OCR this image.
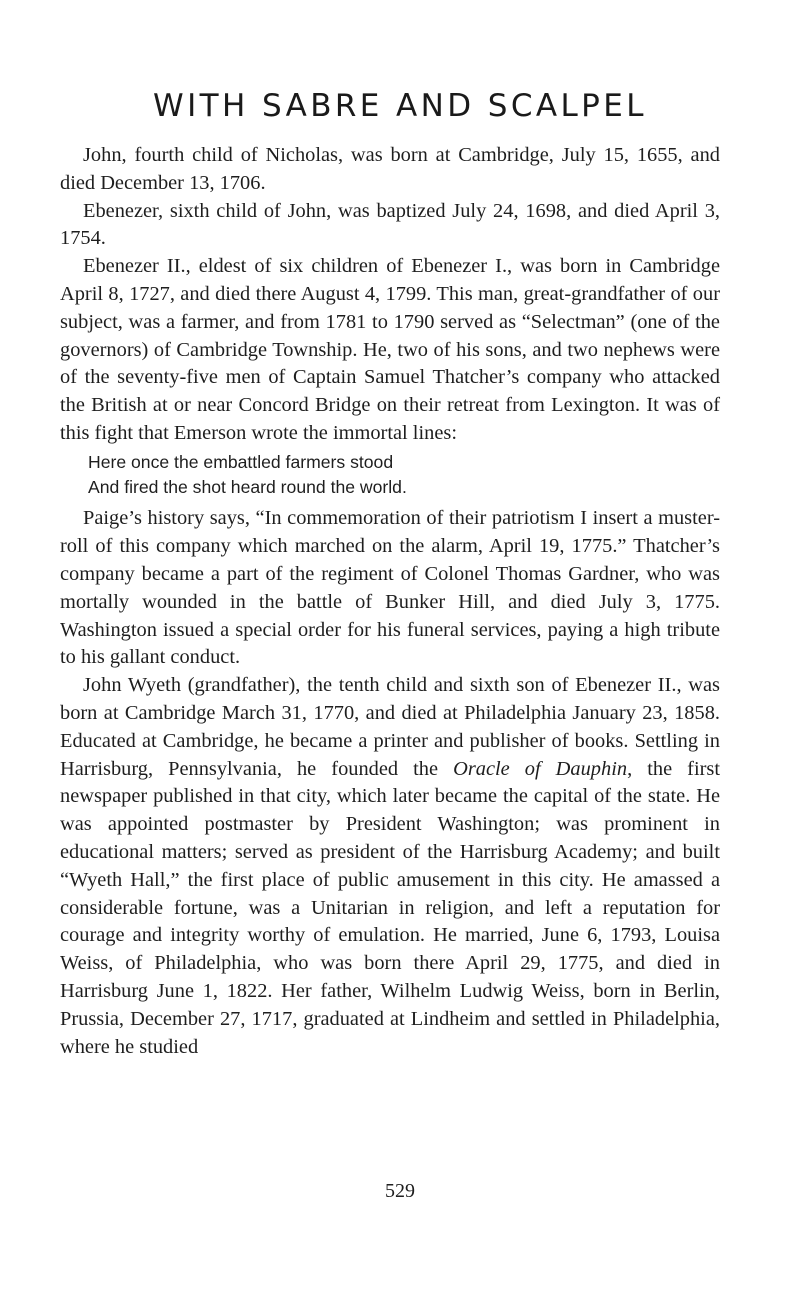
WITH SABRE AND SCALPEL

John, fourth child of Nicholas, was born at Cambridge, July 15, 1655, and died December 13, 1706.

Ebenezer, sixth child of John, was baptized July 24, 1698, and died April 3, 1754.

Ebenezer II., eldest of six children of Ebenezer I., was born in Cambridge April 8, 1727, and died there August 4, 1799. This man, great-grandfather of our subject, was a farmer, and from 1781 to 1790 served as “Selectman” (one of the governors) of Cambridge Township. He, two of his sons, and two nephews were of the seventy-five men of Captain Samuel Thatcher’s company who attacked the British at or near Concord Bridge on their retreat from Lexington. It was of this fight that Emerson wrote the immortal lines:

Here once the embattled farmers stood
And fired the shot heard round the world.

Paige’s history says, “In commemoration of their patriotism I insert a muster-roll of this company which marched on the alarm, April 19, 1775.” Thatcher’s company became a part of the regiment of Colonel Thomas Gardner, who was mortally wounded in the battle of Bunker Hill, and died July 3, 1775. Washington issued a special order for his funeral services, paying a high tribute to his gallant conduct.

John Wyeth (grandfather), the tenth child and sixth son of Ebenezer II., was born at Cambridge March 31, 1770, and died at Philadelphia January 23, 1858. Educated at Cambridge, he became a printer and publisher of books. Settling in Harrisburg, Pennsylvania, he founded the Oracle of Dauphin, the first newspaper published in that city, which later became the capital of the state. He was appointed postmaster by President Washington; was prominent in educational matters; served as president of the Harrisburg Academy; and built “Wyeth Hall,” the first place of public amusement in this city. He amassed a considerable fortune, was a Unitarian in religion, and left a reputation for courage and integrity worthy of emulation. He married, June 6, 1793, Louisa Weiss, of Philadelphia, who was born there April 29, 1775, and died in Harrisburg June 1, 1822. Her father, Wilhelm Ludwig Weiss, born in Berlin, Prussia, December 27, 1717, graduated at Lindheim and settled in Philadelphia, where he studied

529
